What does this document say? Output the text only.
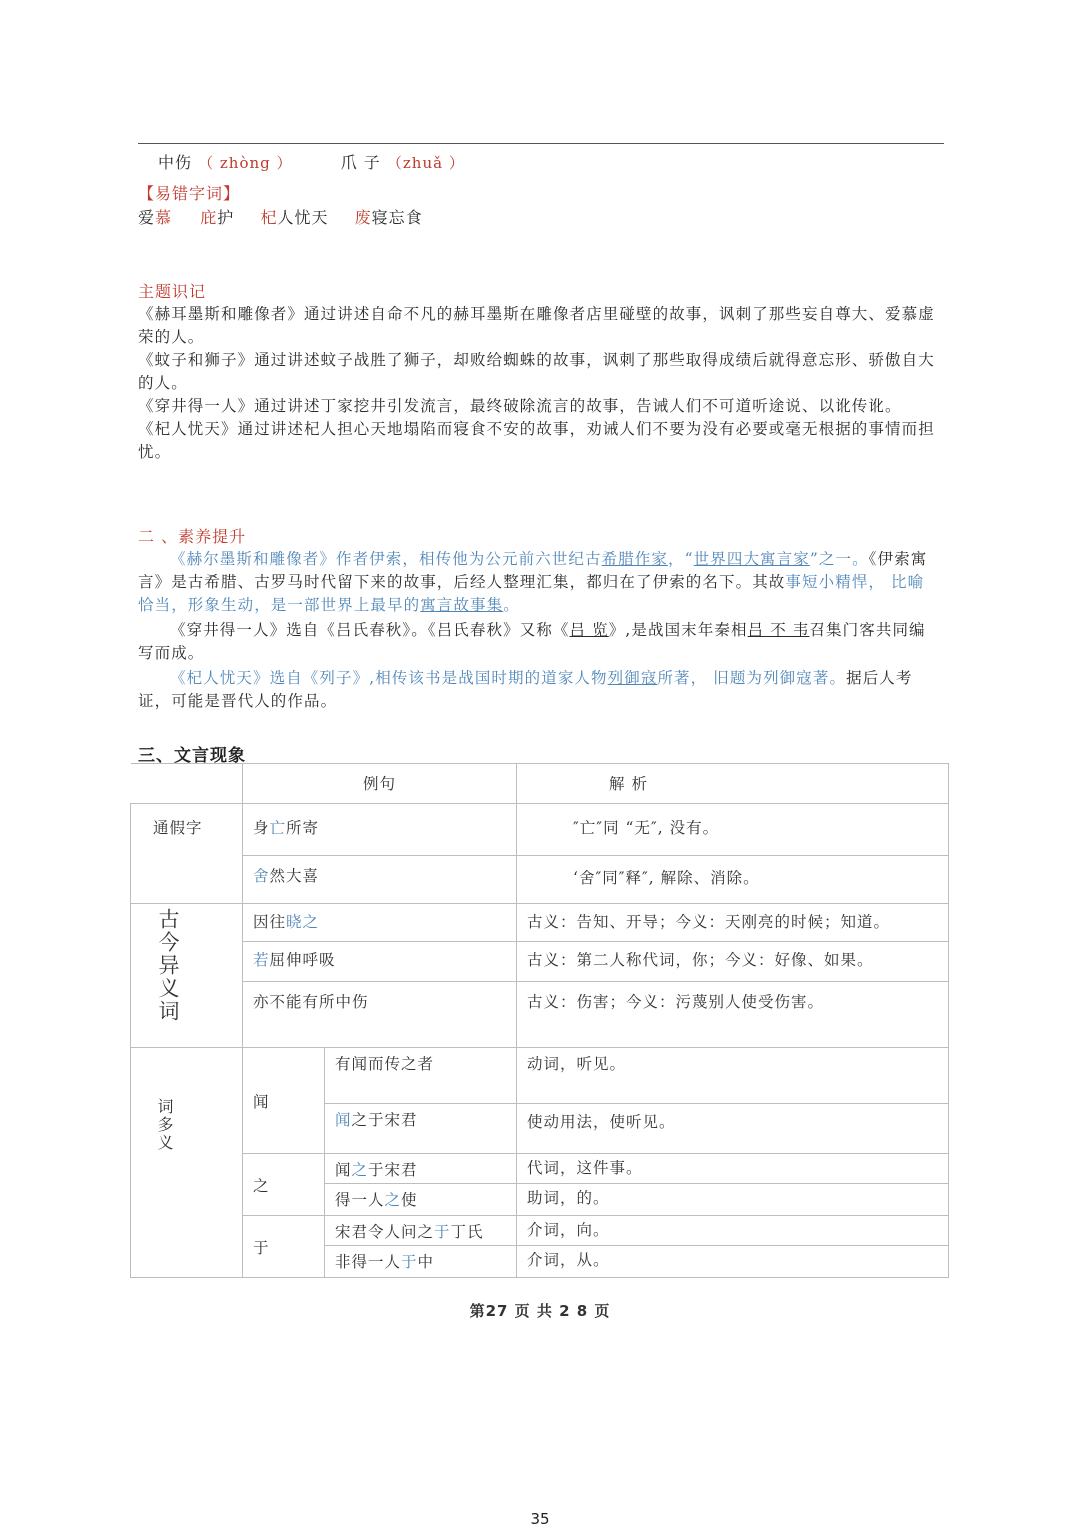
中伤 （ zhòng ）	爪 子 （zhuǎ ）
【易错字词】
爱慕 庇护 杞人忧天 废寝忘食
主题识记

《赫耳墨斯和雕像者》通过讲述自命不凡的赫耳墨斯在雕像者店里碰壁的故事，讽刺了那些妄自尊大、爱慕虚荣的人。

《蚊子和狮子》通过讲述蚊子战胜了狮子，却败给蜘蛛的故事，讽刺了那些取得成绩后就得意忘形、骄傲自大的人。

《穿井得一人》通过讲述丁家挖井引发流言，最终破除流言的故事，告诫人们不可道听途说、以讹传讹。

《杞人忧天》通过讲述杞人担心天地塌陷而寝食不安的故事，劝诫人们不要为没有必要或毫无根据的事情而担忧。

二 、素养提升

《赫尔墨斯和雕像者》作者伊索，相传他为公元前六世纪古希腊作家，“世界四大寓言家”之一。《伊索寓言》是古希腊、古罗马时代留下来的故事，后经人整理汇集，都归在了伊索的名下。其故事短小精悍， 比喻恰当，形象生动，是一部世界上最早的寓言故事集。

《穿井得一人》选自《吕氏春秋》。《吕氏春秋》又称《吕 览》,是战国末年秦相吕 不 韦召集门客共同编写而成。

《杞人忧天》选自《列子》,相传该书是战国时期的道家人物列御寇所著， 旧题为列御寇著。据后人考证，可能是晋代人的作品。

三、文言现象
	例句		解 析
通假字	身亡所寄		″亡″同 “无″, 没有。
	舍然大喜		‘舍″同″释″, 解除、消除。
古今异义词	因往晓之		古义：告知、开导；今义：天刚亮的时候；知道。
	若屈伸呼吸		古义：第二人称代词，你；今义：好像、如果。
	亦不能有所中伤		古义：伤害；今义：污蔑别人使受伤害。
词多义	闻	有闻而传之者	动词，听见。
		闻之于宋君	使动用法，使听见。
	之	闻之于宋君	代词，这件事。
		得一人之使	助词，的。
	于	宋君令人问之于丁氏	介词，向。
		非得一人于中	介词，从。
第27 页 共 2 8 页
35
